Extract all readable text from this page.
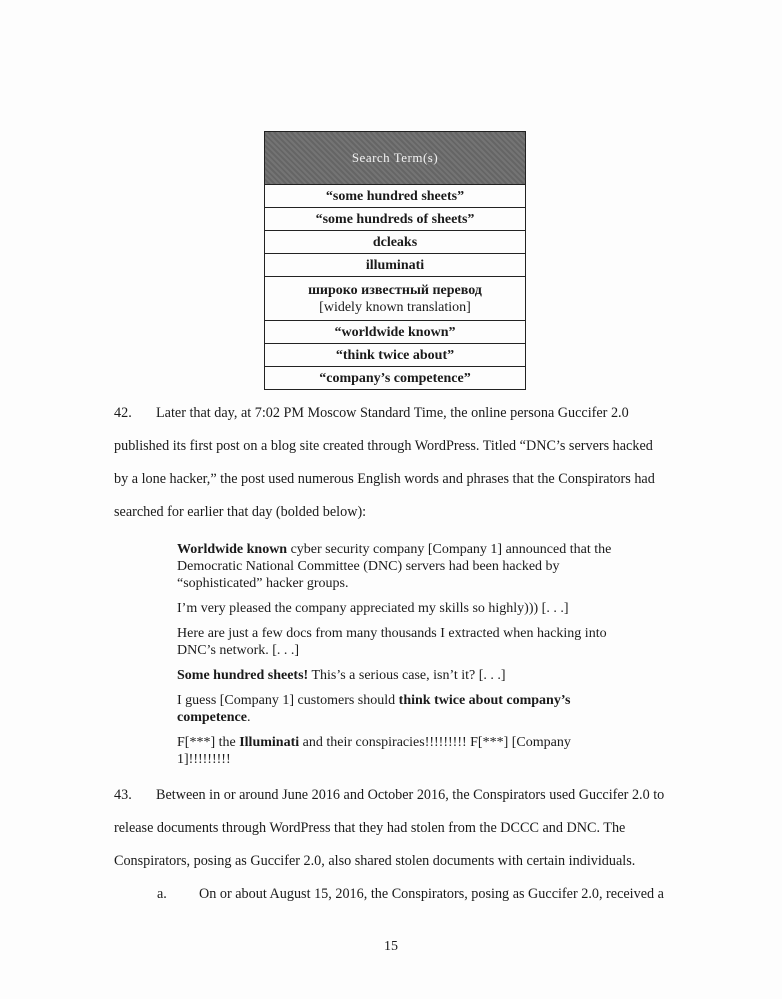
Search Term(s)
“some hundred sheets”
“some hundreds of sheets”
dcleaks
illuminati
широко известный перевод
[widely known translation]

“worldwide known”
“think twice about”
“company’s competence”
42. Later that day, at 7:02 PM Moscow Standard Time, the online persona Guccifer 2.0
published its first post on a blog site created through WordPress. Titled “DNC’s servers hacked
by a lone hacker,” the post used numerous English words and phrases that the Conspirators had
searched for earlier that day (bolded below):

Worldwide known cyber security company [Company 1] announced that the Democratic National Committee (DNC) servers had been hacked by “sophisticated” hacker groups.

I’m very pleased the company appreciated my skills so highly))) [. . .]

Here are just a few docs from many thousands I extracted when hacking into DNC’s network. [. . .]

Some hundred sheets! This’s a serious case, isn’t it? [. . .]

I guess [Company 1] customers should think twice about company’s competence.

F[***] the Illuminati and their conspiracies!!!!!!!!! F[***] [Company 1]!!!!!!!!!

43. Between in or around June 2016 and October 2016, the Conspirators used Guccifer 2.0 to
release documents through WordPress that they had stolen from the DCCC and DNC. The
Conspirators, posing as Guccifer 2.0, also shared stolen documents with certain individuals.
a. On or about August 15, 2016, the Conspirators, posing as Guccifer 2.0, received a
15
